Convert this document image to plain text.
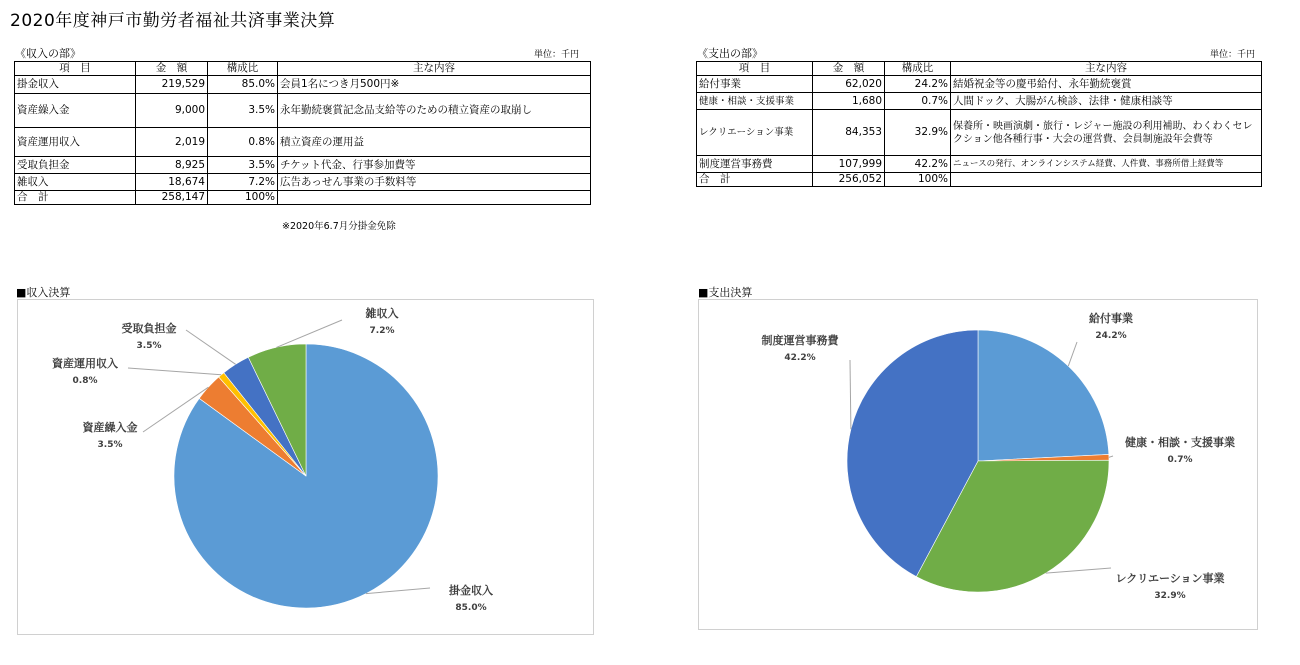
2020年度神戸市勤労者福祉共済事業決算
《収入の部》	単位：千円
項　目	金　額	構成比	主な内容
掛金収入	219,529	85.0%	会員1名につき月500円※
資産繰入金	9,000	3.5%	永年勤続褒賞記念品支給等のための積立資産の取崩し
資産運用収入	2,019	0.8%	積立資産の運用益
受取負担金	8,925	3.5%	チケット代金、行事参加費等
雑収入	18,674	7.2%	広告あっせん事業の手数料等
合　計	258,147	100%	
※2020年6.7月分掛金免除
《支出の部》	単位：千円
項　目	金　額	構成比	主な内容
給付事業	62,020	24.2%	結婚祝金等の慶弔給付、永年勤続褒賞
健康・相談・支援事業	1,680	0.7%	人間ドック、大腸がん検診、法律・健康相談等
レクリエーション事業	84,353	32.9%	保養所・映画演劇・旅行・レジャー施設の利用補助、わくわくセレクション他各種行事・大会の運営費、会員制施設年会費等
制度運営事務費	107,999	42.2%	ニュースの発行、オンラインシステム経費、人件費、事務所借上経費等
合　計	256,052	100%	
■収入決算	■支出決算
掛金収入
85.0%
資産繰入金
3.5%
資産運用収入
0.8%
受取負担金
3.5%
雑収入
7.2%
給付事業
24.2%
健康・相談・支援事業
0.7%
レクリエーション事業
32.9%
制度運営事務費
42.2%
